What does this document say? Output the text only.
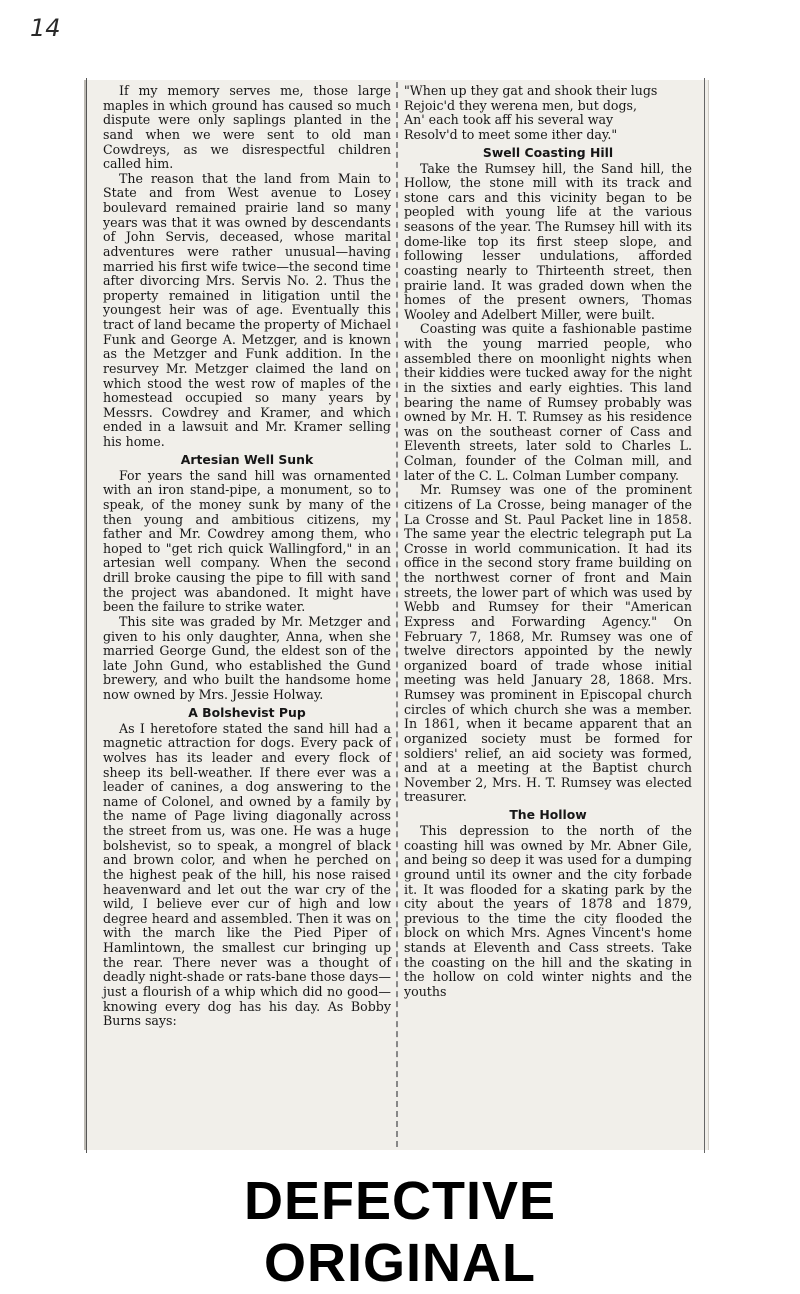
14

If my memory serves me, those large maples in which ground has caused so much dispute were only saplings planted in the sand when we were sent to old man Cowdreys, as we disrespectful children called him.

The reason that the land from Main to State and from West avenue to Losey boulevard remained prairie land so many years was that it was owned by descendants of John Servis, deceased, whose marital adventures were rather unusual—having married his first wife twice—the second time after divorcing Mrs. Servis No. 2. Thus the property remained in litigation until the youngest heir was of age. Eventually this tract of land became the property of Michael Funk and George A. Metzger, and is known as the Metzger and Funk addition. In the resurvey Mr. Metzger claimed the land on which stood the west row of maples of the homestead occupied so many years by Messrs. Cowdrey and Kramer, and which ended in a lawsuit and Mr. Kramer selling his home.

Artesian Well Sunk

For years the sand hill was ornamented with an iron stand-pipe, a monument, so to speak, of the money sunk by many of the then young and ambitious citizens, my father and Mr. Cowdrey among them, who hoped to "get rich quick Wallingford," in an artesian well company. When the second drill broke causing the pipe to fill with sand the project was abandoned. It might have been the failure to strike water.

This site was graded by Mr. Metzger and given to his only daughter, Anna, when she married George Gund, the eldest son of the late John Gund, who established the Gund brewery, and who built the handsome home now owned by Mrs. Jessie Holway.

A Bolshevist Pup

As I heretofore stated the sand hill had a magnetic attraction for dogs. Every pack of wolves has its leader and every flock of sheep its bell-weather. If there ever was a leader of canines, a dog answering to the name of Colonel, and owned by a family by the name of Page living diagonally across the street from us, was one. He was a huge bolshevist, so to speak, a mongrel of black and brown color, and when he perched on the highest peak of the hill, his nose raised heavenward and let out the war cry of the wild, I believe ever cur of high and low degree heard and assembled. Then it was on with the march like the Pied Piper of Hamlintown, the smallest cur bringing up the rear. There never was a thought of deadly night-shade or rats-bane those days—just a flourish of a whip which did no good—knowing every dog has his day. As Bobby Burns says:

"When up they gat and shook their lugs

Rejoic'd they werena men, but dogs,

An' each took aff his several way

Resolv'd to meet some ither day."

Swell Coasting Hill

Take the Rumsey hill, the Sand hill, the Hollow, the stone mill with its track and stone cars and this vicinity began to be peopled with young life at the various seasons of the year. The Rumsey hill with its dome-like top its first steep slope, and following lesser undulations, afforded coasting nearly to Thirteenth street, then prairie land. It was graded down when the homes of the present owners, Thomas Wooley and Adelbert Miller, were built.

Coasting was quite a fashionable pastime with the young married people, who assembled there on moonlight nights when their kiddies were tucked away for the night in the sixties and early eighties. This land bearing the name of Rumsey probably was owned by Mr. H. T. Rumsey as his residence was on the southeast corner of Cass and Eleventh streets, later sold to Charles L. Colman, founder of the Colman mill, and later of the C. L. Colman Lumber company.

Mr. Rumsey was one of the prominent citizens of La Crosse, being manager of the La Crosse and St. Paul Packet line in 1858. The same year the electric telegraph put La Crosse in world communication. It had its office in the second story frame building on the northwest corner of front and Main streets, the lower part of which was used by Webb and Rumsey for their "American Express and Forwarding Agency." On February 7, 1868, Mr. Rumsey was one of twelve directors appointed by the newly organized board of trade whose initial meeting was held January 28, 1868. Mrs. Rumsey was prominent in Episcopal church circles of which church she was a member. In 1861, when it became apparent that an organized society must be formed for soldiers' relief, an aid society was formed, and at a meeting at the Baptist church November 2, Mrs. H. T. Rumsey was elected treasurer.

The Hollow

This depression to the north of the coasting hill was owned by Mr. Abner Gile, and being so deep it was used for a dumping ground until its owner and the city forbade it. It was flooded for a skating park by the city about the years of 1878 and 1879, previous to the time the city flooded the block on which Mrs. Agnes Vincent's home stands at Eleventh and Cass streets. Take the coasting on the hill and the skating in the hollow on cold winter nights and the youths

DEFECTIVE ORIGINAL
